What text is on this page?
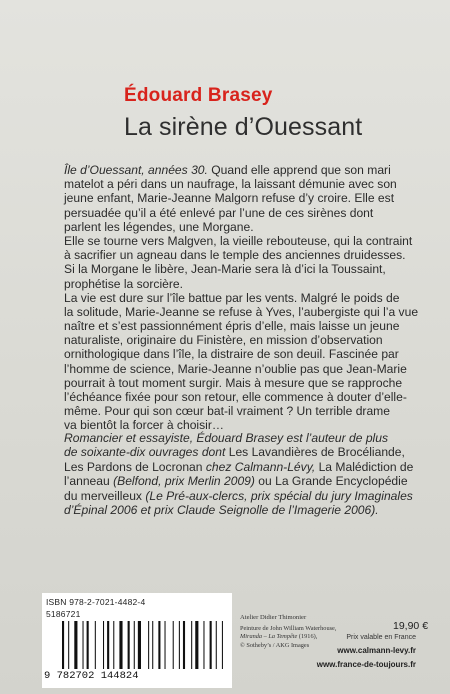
Édouard Brasey
La sirène d’Ouessant
Île d’Ouessant, années 30. Quand elle apprend que son mari
matelot a péri dans un naufrage, la laissant démunie avec son
jeune enfant, Marie-Jeanne Malgorn refuse d’y croire. Elle est
persuadée qu’il a été enlevé par l’une de ces sirènes dont
parlent les légendes, une Morgane.
Elle se tourne vers Malgven, la vieille rebouteuse, qui la contraint
à sacrifier un agneau dans le temple des anciennes druidesses.
Si la Morgane le libère, Jean-Marie sera là d’ici la Toussaint,
prophétise la sorcière.
La vie est dure sur l’île battue par les vents. Malgré le poids de
la solitude, Marie-Jeanne se refuse à Yves, l’aubergiste qui l’a vue
naître et s’est passionnément épris d’elle, mais laisse un jeune
naturaliste, originaire du Finistère, en mission d’observation
ornithologique dans l’île, la distraire de son deuil. Fascinée par
l’homme de science, Marie-Jeanne n’oublie pas que Jean-Marie
pourrait à tout moment surgir. Mais à mesure que se rapproche
l’échéance fixée pour son retour, elle commence à douter d’elle-
même. Pour qui son cœur bat-il vraiment ? Un terrible drame
va bientôt la forcer à choisir…
Romancier et essayiste, Édouard Brasey est l’auteur de plus
de soixante-dix ouvrages dont Les Lavandières de Brocéliande,
Les Pardons de Locronan chez Calmann-Lévy, La Malédiction de
l’anneau (Belfond, prix Merlin 2009) ou La Grande Encyclopédie
du merveilleux (Le Pré-aux-clercs, prix spécial du jury Imaginales
d’Épinal 2006 et prix Claude Seignolle de l’Imagerie 2006).
ISBN 978-2-7021-4482-4
5186721
9 782702 144824
Atelier Didier Thimonier
Peinture de John William Waterhouse,
Miranda – La Tempête (1916),
© Sotheby’s / AKG Images
19,90 €
Prix valable en France
www.calmann-levy.fr
www.france-de-toujours.fr
